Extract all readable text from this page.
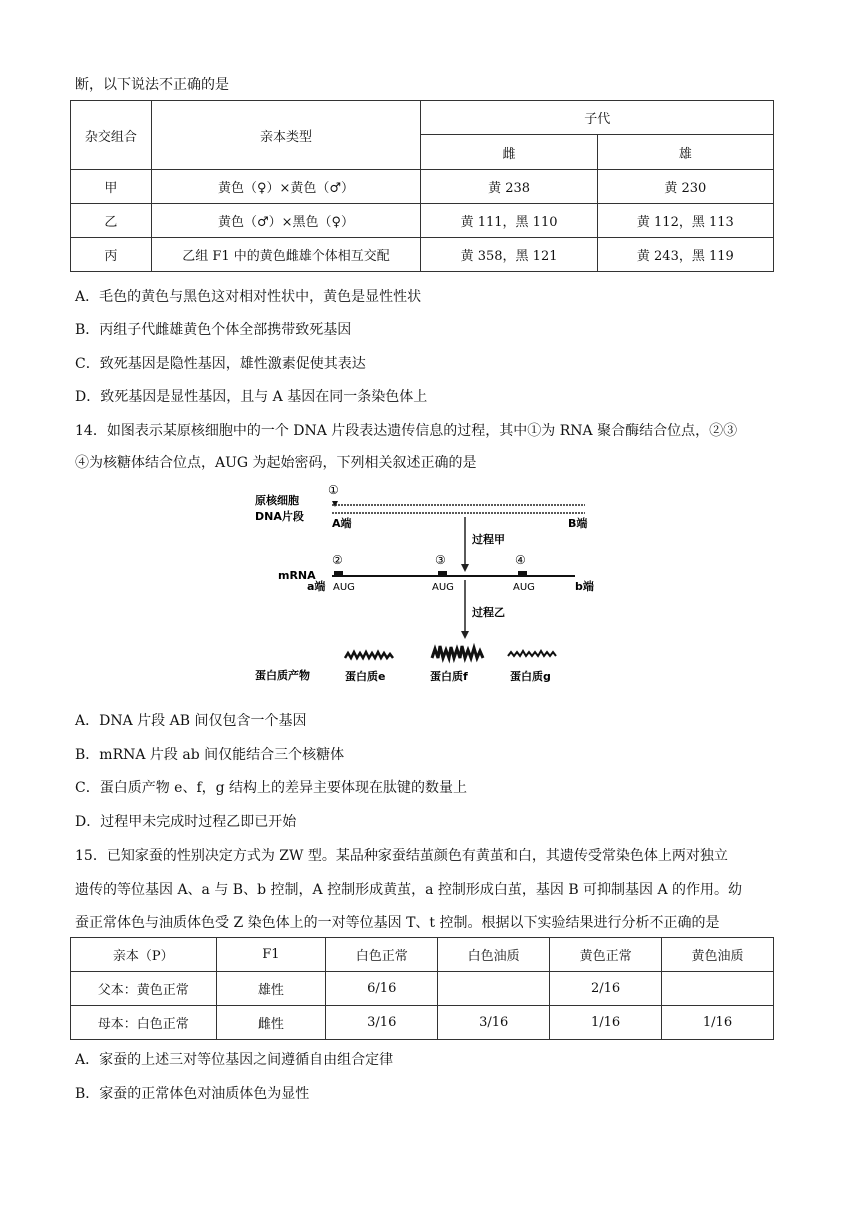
断，以下说法不正确的是
杂交组合	亲本类型	子代	
		雌	雄
甲	黄色（♀）×黄色（♂）	黄 238	黄 230
乙	黄色（♂）×黑色（♀）	黄 111，黑 110	黄 112，黑 113
丙	乙组 F1 中的黄色雌雄个体相互交配	黄 358，黑 121	黄 243，黑 119
A．毛色的黄色与黑色这对相对性状中，黄色是显性性状
B．丙组子代雌雄黄色个体全部携带致死基因
C．致死基因是隐性基因，雄性激素促使其表达
D．致死基因是显性基因，且与 A 基因在同一条染色体上
14．如图表示某原核细胞中的一个 DNA 片段表达遗传信息的过程，其中①为 RNA 聚合酶结合位点，②③
④为核糖体结合位点，AUG 为起始密码，下列相关叙述正确的是
原核细胞
DNA片段
①
A端	B端
过程甲
②	③	④
mRNA
a端 AUG	AUG	AUG	b端
过程乙
蛋白质产物	蛋白质e	蛋白质f	蛋白质g
A．DNA 片段 AB 间仅包含一个基因
B．mRNA 片段 ab 间仅能结合三个核糖体
C．蛋白质产物 e、f，g 结构上的差异主要体现在肽键的数量上
D．过程甲未完成时过程乙即已开始
15．已知家蚕的性别决定方式为 ZW 型。某品种家蚕结茧颜色有黄茧和白，其遗传受常染色体上两对独立
遗传的等位基因 A、a 与 B、b 控制，A 控制形成黄茧，a 控制形成白茧，基因 B 可抑制基因 A 的作用。幼
蚕正常体色与油质体色受 Z 染色体上的一对等位基因 T、t 控制。根据以下实验结果进行分析不正确的是
亲本（P）	F1	白色正常	白色油质	黄色正常	黄色油质
父本：黄色正常	雄性	6/16		2/16	
母本：白色正常	雌性	3/16	3/16	1/16	1/16
A．家蚕的上述三对等位基因之间遵循自由组合定律
B．家蚕的正常体色对油质体色为显性
